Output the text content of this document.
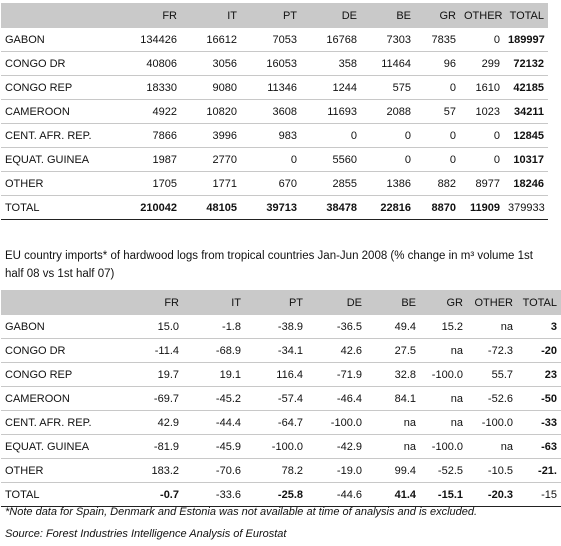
	FR	IT	PT	DE	BE	GR	OTHER	TOTAL
GABON	134426	16612	7053	16768	7303	7835	0	189997
CONGO DR	40806	3056	16053	358	11464	96	299	72132
CONGO REP	18330	9080	11346	1244	575	0	1610	42185
CAMEROON	4922	10820	3608	11693	2088	57	1023	34211
CENT. AFR. REP.	7866	3996	983	0	0	0	0	12845
EQUAT. GUINEA	1987	2770	0	5560	0	0	0	10317
OTHER	1705	1771	670	2855	1386	882	8977	18246
TOTAL	210042	48105	39713	38478	22816	8870	11909	379933
EU country imports* of hardwood logs from tropical countries Jan-Jun 2008 (% change in m³ volume 1st half 08 vs 1st half 07)
	FR	IT	PT	DE	BE	GR	OTHER	TOTAL
GABON	15.0	-1.8	-38.9	-36.5	49.4	15.2	na	3
CONGO DR	-11.4	-68.9	-34.1	42.6	27.5	na	-72.3	-20
CONGO REP	19.7	19.1	116.4	-71.9	32.8	-100.0	55.7	23
CAMEROON	-69.7	-45.2	-57.4	-46.4	84.1	na	-52.6	-50
CENT. AFR. REP.	42.9	-44.4	-64.7	-100.0	na	na	-100.0	-33
EQUAT. GUINEA	-81.9	-45.9	-100.0	-42.9	na	-100.0	na	-63
OTHER	183.2	-70.6	78.2	-19.0	99.4	-52.5	-10.5	-21.
TOTAL	-0.7	-33.6	-25.8	-44.6	41.4	-15.1	-20.3	-15
*Note data for Spain, Denmark and Estonia was not available at time of analysis and is excluded.
Source: Forest Industries Intelligence Analysis of Eurostat
